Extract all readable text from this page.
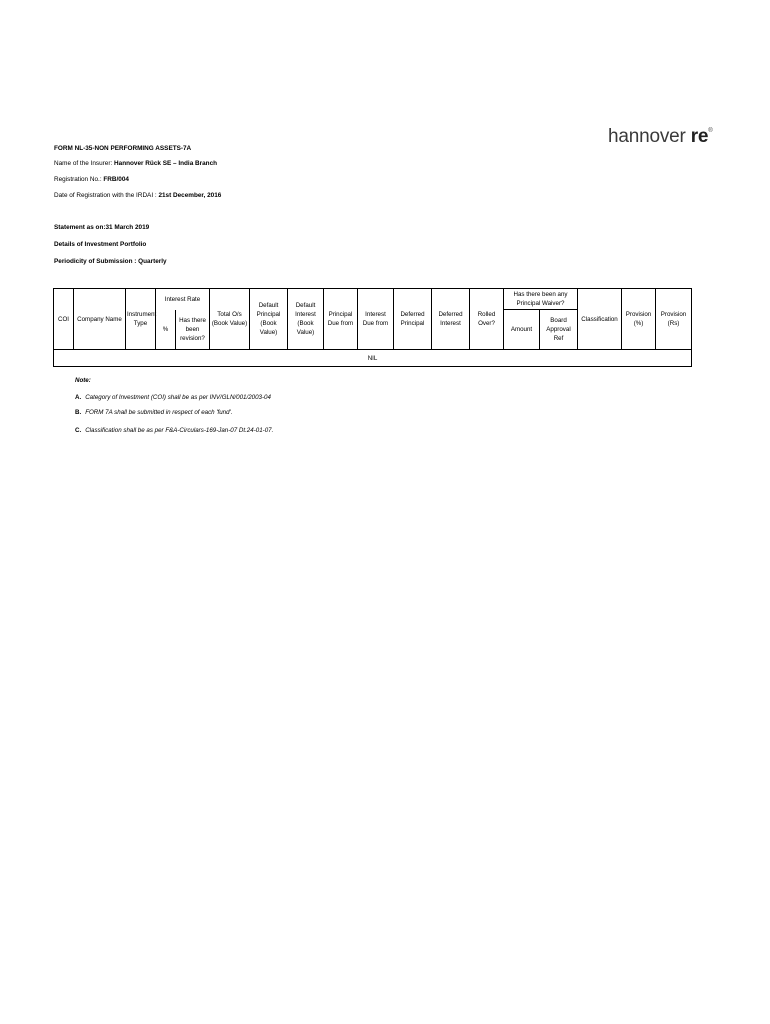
hannover re®
FORM NL-35-NON PERFORMING ASSETS-7A
Name of the Insurer: Hannover Rück SE – India Branch
Registration No.: FRB/004
Date of Registration with the IRDAI : 21st December, 2016
Statement as on:31 March 2019
Details of Investment Portfolio
Periodicity of Submission : Quarterly
COI	Company Name	Instrument Type	Interest Rate		Total O/s (Book Value)	Default Principal (Book Value)	Default Interest (Book Value)	Principal Due from	Interest Due from	Deferred Principal	Deferred Interest	Rolled Over?	Has there been any Principal Waiver?		Classification	Provision (%)	Provision (Rs)
			%	Has there been revision?									Amount	Board Approval Ref			
NIL																	
Note:
A. Category of Investment (COI) shall be as per INV/GLN/001/2003-04
B. FORM 7A shall be submitted in respect of each 'fund'.
C. Classification shall be as per F&A-Circulars-169-Jan-07 Dt.24-01-07.
